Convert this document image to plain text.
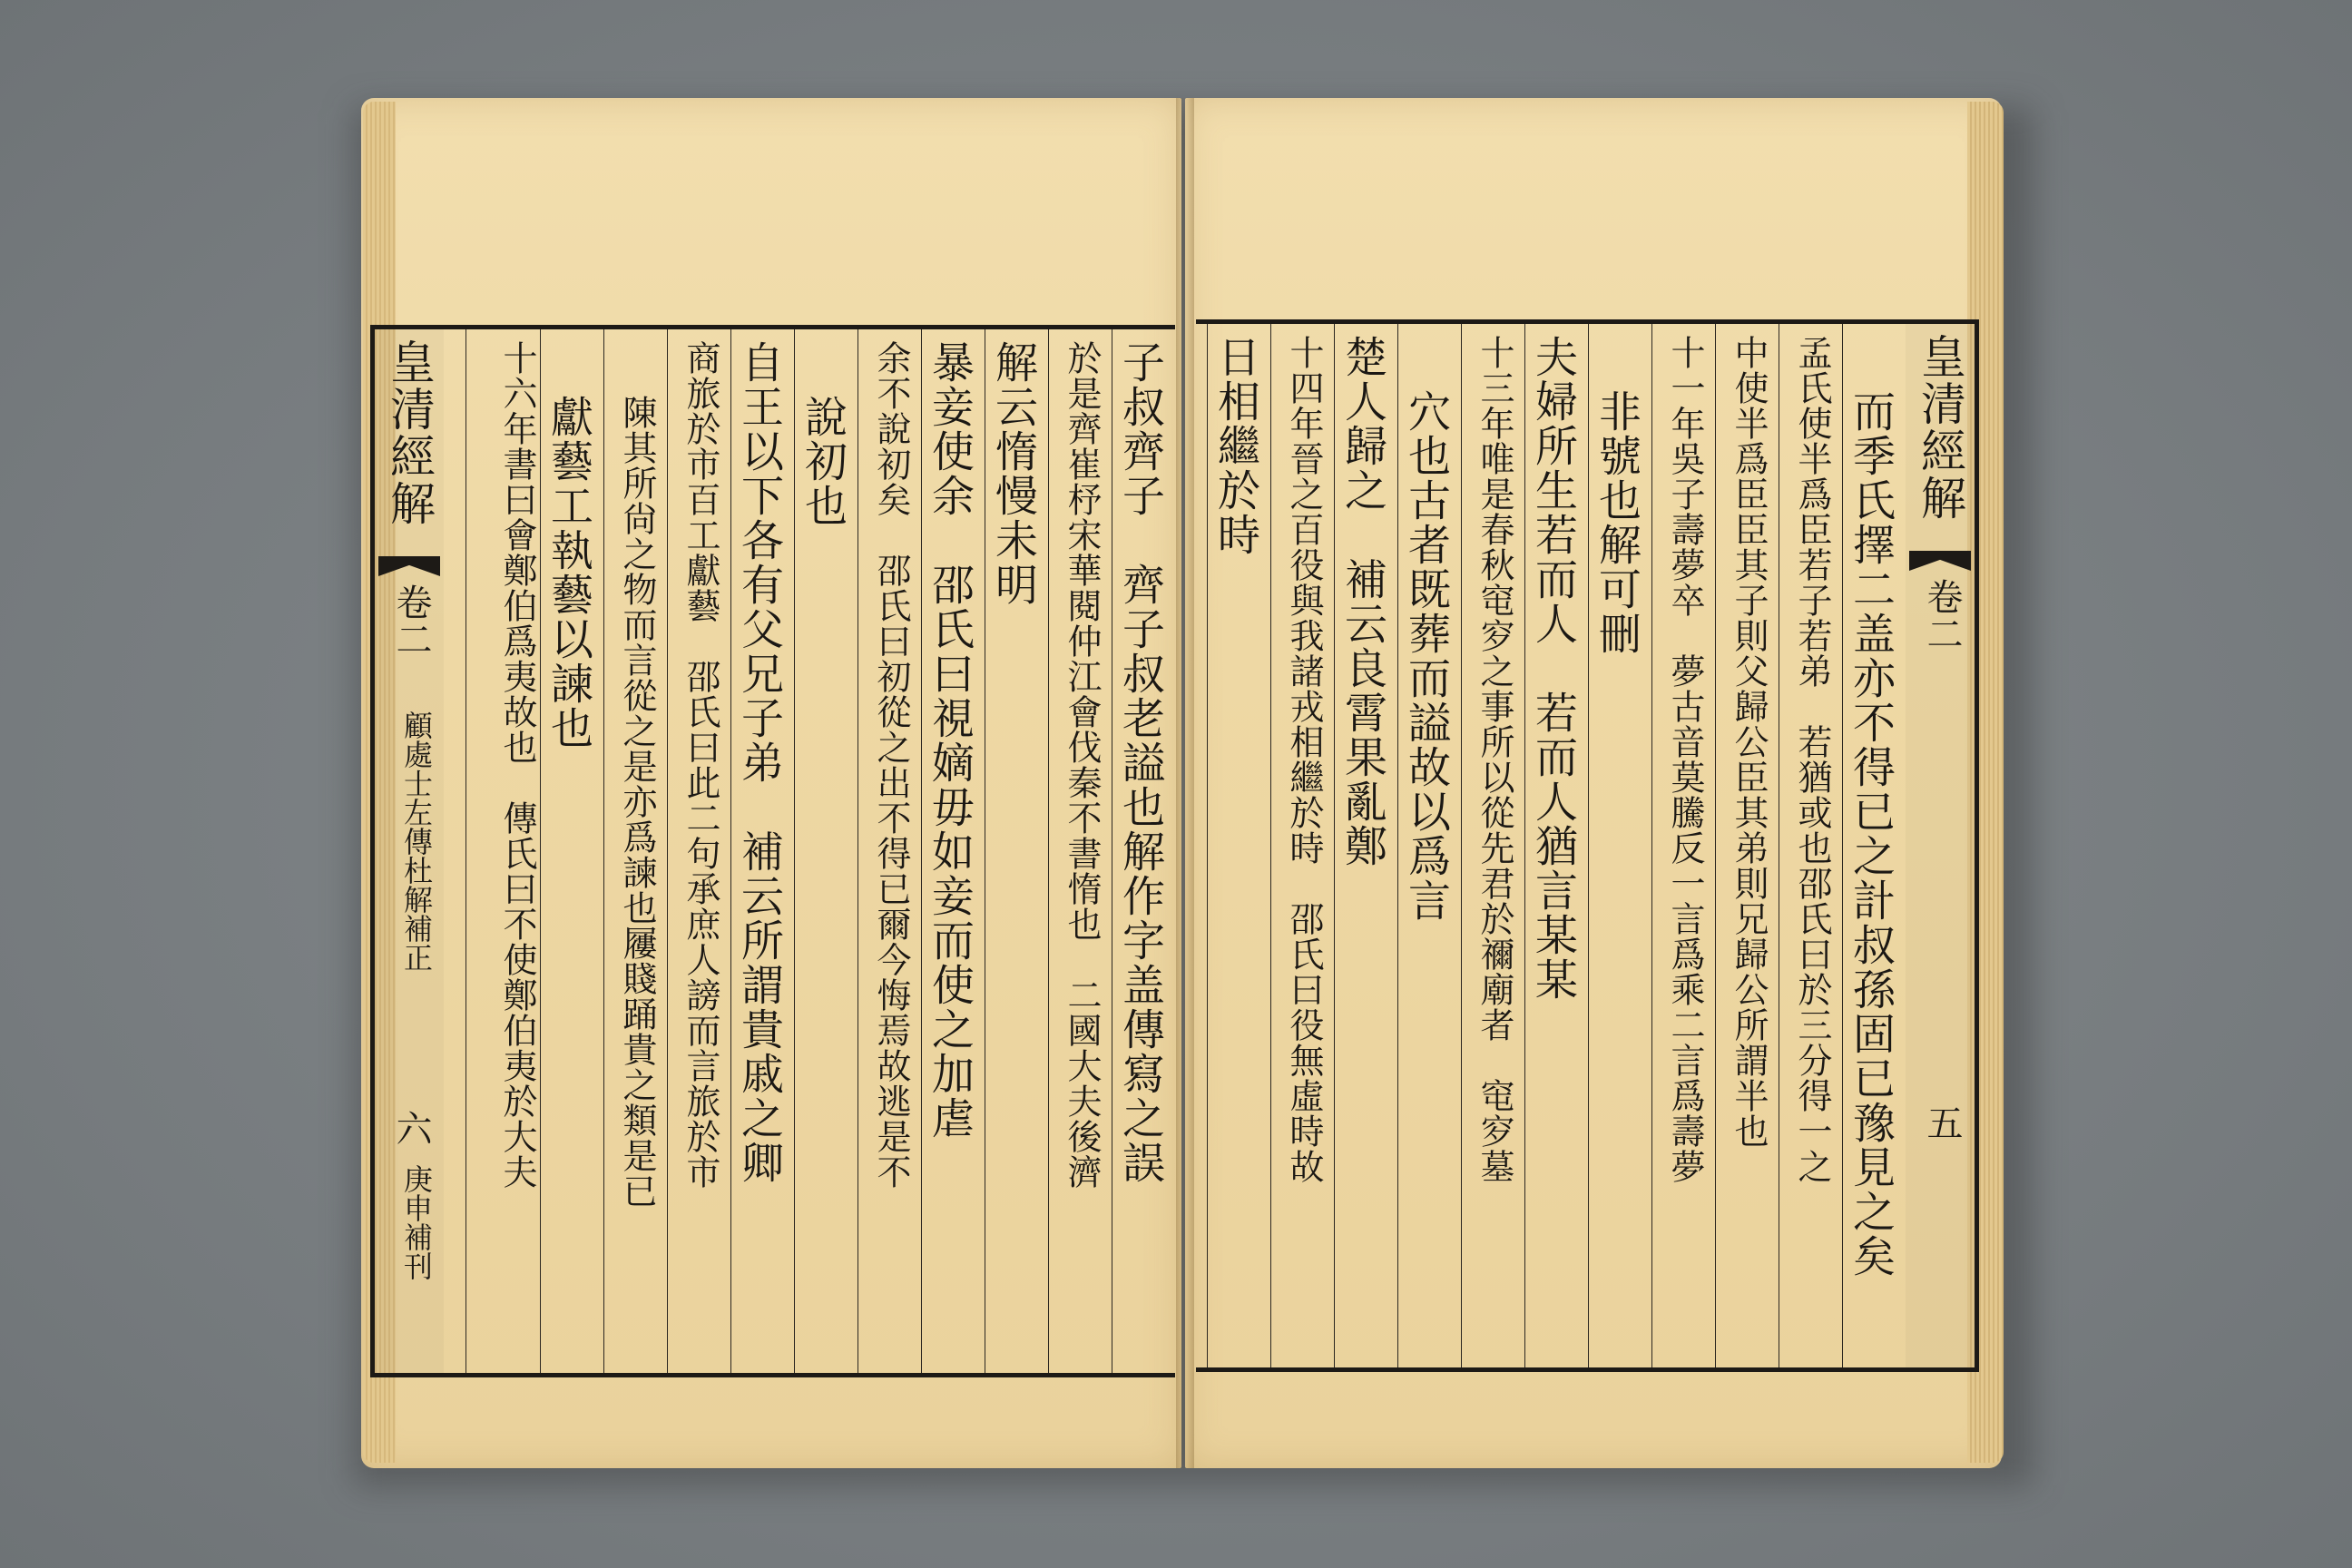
皇清經解
卷二
顧處士左傳杜解補正
六
庚申補刊
子叔齊子　齊子叔老謚也解作字盖傳寫之誤
於是齊崔杼宋華閱仲江會伐秦不書惰也　二國大夫後濟
解云惰慢未明
暴妾使余　邵氏曰視嫡毋如妾而使之加虐
余不說初矣　邵氏曰初從之出不得已爾今悔焉故逃是不
說初也
自王以下各有父兄子弟　補云所謂貴戚之卿
商旅於市百工獻藝　邵氏曰此二句承庶人謗而言旅於市
陳其所尙之物而言從之是亦爲諫也屨賤踊貴之類是已
獻藝工執藝以諫也
十六年書曰會鄭伯爲夷故也　傳氏曰不使鄭伯夷於大夫	皇清經解
卷二
五
而季氏擇二盖亦不得已之計叔孫固已豫見之矣
孟氏使半爲臣若子若弟　若猶或也邵氏曰於三分得一之
中使半爲臣臣其子則父歸公臣其弟則兄歸公所謂半也
十一年吳子壽夢卒　夢古音莫騰反一言爲乘二言爲壽夢
非號也解可刪
夫婦所生若而人　若而人猶言某某
十三年唯是春秋窀穸之事所以從先君於禰廟者　窀穸墓
穴也古者既葬而謚故以爲言
楚人歸之　補云良霄果亂鄭
十四年晉之百役與我諸戎相繼於時　邵氏曰役無虛時故
日相繼於時
